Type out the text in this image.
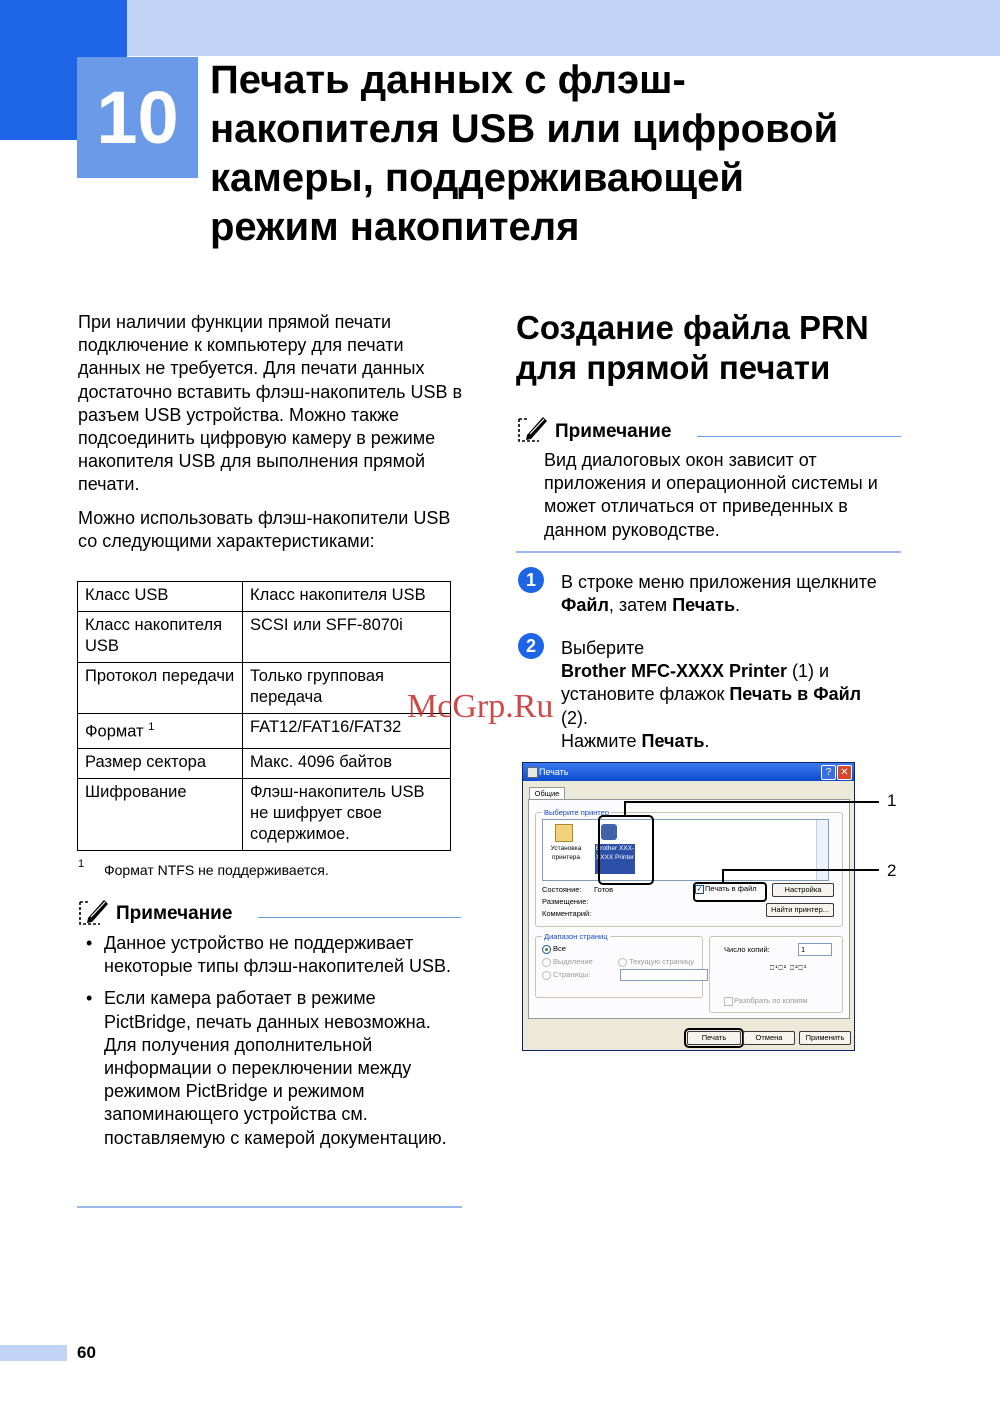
10 Печать данных с флэш-
накопителя USB или цифровой
камеры, поддерживающей
режим накопителя

При наличии функции прямой печати подключение к компьютеру для печати данных не требуется. Для печати данных достаточно вставить флэш-накопитель USB в разъем USB устройства. Можно также подсоединить цифровую камеру в режиме накопителя USB для выполнения прямой печати.

Можно использовать флэш-накопители USB со следующими характеристиками:

Класс USB	Класс накопителя USB
Класс накопителя USB	SCSI или SFF-8070i
Протокол передачи	Только групповая передача
Формат $^1$	FAT12/FAT16/FAT32
Размер сектора	Макс. 4096 байтов
Шифрование	Флэш-накопитель USB не шифрует свое содержимое.
1 Формат NTFS не поддерживается.
Примечание
• Данное устройство не поддерживает некоторые типы флэш-накопителей USB.
• Если камера работает в режиме PictBridge, печать данных невозможна. Для получения дополнительной информации о переключении между режимом PictBridge и режимом запоминающего устройства см. поставляемую с камерой документацию.
Создание файла PRN
для прямой печати
Примечание

Вид диалоговых окон зависит от приложения и операционной системы и может отличаться от приведенных в данном руководстве.

1	В строке меню приложения щелкните Файл, затем Печать.

2	Выберите
Brother MFC-XXXX Printer (1) и
установите флажок Печать в Файл
(2).
Нажмите Печать.
McGrp.Ru
Печать	? ✕
Общие
Выберите принтер
Установка принтера
Brother XXX-XXXX Printer
Состояние: Готов
Размещение:
Комментарий:
✓ Печать в файл	Настройка
Найти принтер...
Диапазон страниц
Все
Выделение	Текущую страницу
Страницы:
Число копий:	1
⎕¹⎕² ⎕²⎕³
Разобрать по копиям
Печать	Отмена	Применить
1
2
60
